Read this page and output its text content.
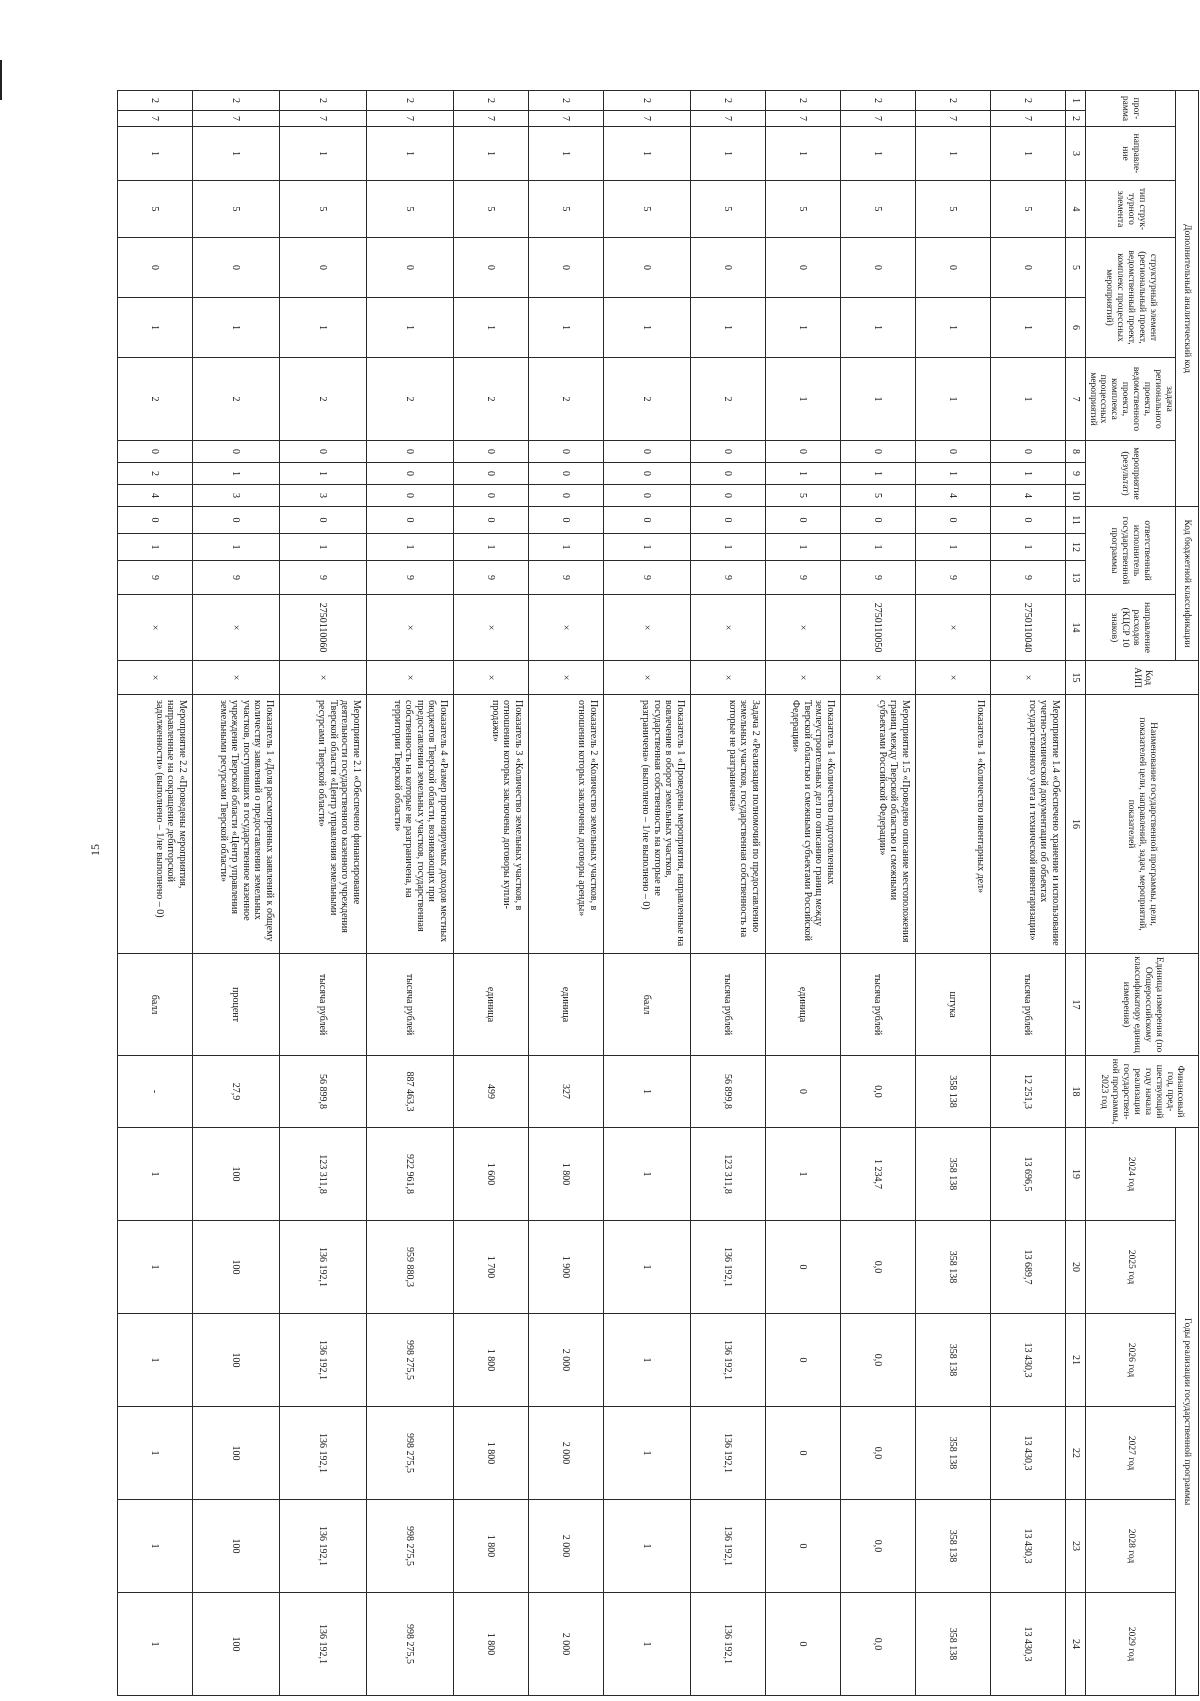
15
Дополнительный аналитический код										Код бюджетной классификации				Код АИП	Наименование государственной программы, цели, показателей цели, направлений, задач, мероприятий, показателей	Единица измерения (по Общероссийскому классификатору единиц измерения)	Финансовый год, пред-шествующий году начала реализации государствен-ной программы, 2023 год	Годы реализации государственной программы					
прог-рамма		направле-ние	тип струк-турного элемента	структурный элемент (региональный проект, ведомственный проект, комплекс процессных мероприятий)		задача регионального проекта, ведомственного проекта, комплекса процессных мероприятий	мероприятие (результат)			ответственный исполнитель государственной программы			направление расходов (КЦСР 10 знаков)										
																		2024 год	2025 год	2026 год	2027 год	2028 год	2029 год
1	2	3	4	5	6	7	8	9	10	11	12	13	14	15	16	17	18	19	20	21	22	23	24
2	7	1	5	0	1	1	0	1	4	0	1	9	2750110040	×	Мероприятие 1.4 «Обеспечено хранение и использование учетно-технической документации об объектах государственного учета и технической инвентаризации»	тысяча рублей	12 251,3	13 696,5	13 689,7	13 430,3	13 430,3	13 430,3	13 430,3
2	7	1	5	0	1	1	0	1	4	0	1	9	×	×	Показатель 1 «Количество инвентарных дел»	штука	358 138	358 138	358 138	358 138	358 138	358 138	358 138
2	7	1	5	0	1	1	0	1	5	0	1	9	2750110050	×	Мероприятие 1.5 «Проведено описание местоположения границ между Тверской областью и смежными субъектами Российской Федерации»	тысяча рублей	0,0	1 234,7	0,0	0,0	0,0	0,0	0,0
2	7	1	5	0	1	1	0	1	5	0	1	9	×	×	Показатель 1 «Количество подготовленных землеустроительных дел по описанию границ между Тверской областью и смежными субъектами Российской Федерации»	единица	0	1	0	0	0	0	0
2	7	1	5	0	1	2	0	0	0	0	1	9	×	×	Задача 2 «Реализация полномочий по предоставлению земельных участков, государственная собственность на которые не разграничена»	тысяча рублей	56 899,8	123 311,8	136 192,1	136 192,1	136 192,1	136 192,1	136 192,1
2	7	1	5	0	1	2	0	0	0	0	1	9	×	×	Показатель 1 «Проведены мероприятия, направленные на вовлечение в оборот земельных участков, государственная собственность на которые не разграничена» (выполнено – 1/не выполнено – 0)	балл	1	1	1	1	1	1	1
2	7	1	5	0	1	2	0	0	0	0	1	9	×	×	Показатель 2 «Количество земельных участков, в отношении которых заключены договоры аренды»	единица	327	1 800	1 900	2 000	2 000	2 000	2 000
2	7	1	5	0	1	2	0	0	0	0	1	9	×	×	Показатель 3 «Количество земельных участков, в отношении которых заключены договоры купли-продажи»	единица	499	1 600	1 700	1 800	1 800	1 800	1 800
2	7	1	5	0	1	2	0	0	0	0	1	9	×	×	Показатель 4 «Размер прогнозируемых доходов местных бюджетов Тверской области, возникающих при предоставлении земельных участков, государственная собственность на которые не разграничена, на территории Тверской области»	тысяча рублей	887 463,3	922 961,8	959 880,3	998 275,5	998 275,5	998 275,5	998 275,5
2	7	1	5	0	1	2	0	1	3	0	1	9	2750110060	×	Мероприятие 2.1 «Обеспечено финансирование деятельности государственного казенного учреждения Тверской области «Центр управления земельными ресурсами Тверской области»	тысяча рублей	56 899,8	123 311,8	136 192,1	136 192,1	136 192,1	136 192,1	136 192,1
2	7	1	5	0	1	2	0	1	3	0	1	9	×	×	Показатель 1 «Доля рассмотренных заявлений к общему количеству заявлений о предоставлении земельных участков, поступивших в государственное казенное учреждение Тверской области «Центр управления земельными ресурсами Тверской области»	процент	27,9	100	100	100	100	100	100
2	7	1	5	0	1	2	0	2	4	0	1	9	×	×	Мероприятие 2.2 «Проведены мероприятия, направленные на сокращение дебиторской задолженности» (выполнено – 1/не выполнено – 0)	балл	-	1	1	1	1	1	1
